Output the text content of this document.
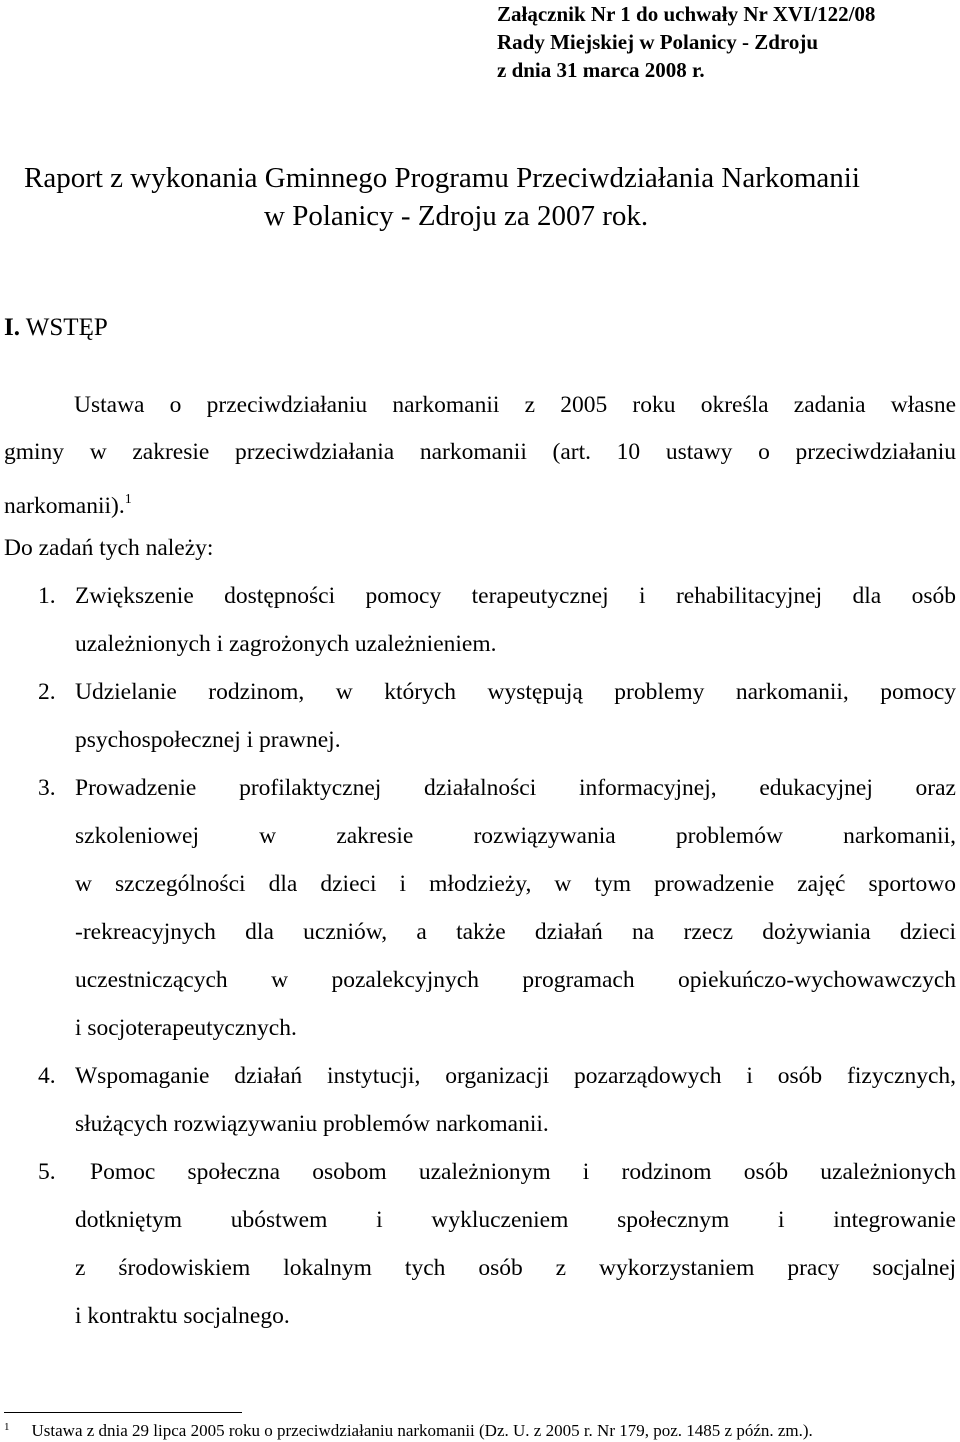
Załącznik Nr 1 do uchwały Nr XVI/122/08
Rady Miejskiej w Polanicy - Zdroju
z dnia 31 marca 2008 r.
Raport z wykonania Gminnego Programu Przeciwdziałania Narkomanii
w Polanicy - Zdroju za 2007 rok.
I. WSTĘP
Ustawa o przeciwdziałaniu narkomanii z 2005 roku określa zadania własne
gminy w zakresie przeciwdziałania narkomanii (art. 10 ustawy o przeciwdziałaniu
narkomanii).$^1$
Do zadań tych należy:
1. Zwiększenie dostępności pomocy terapeutycznej i rehabilitacyjnej dla osób
uzależnionych i zagrożonych uzależnieniem.
2. Udzielanie rodzinom, w których występują problemy narkomanii, pomocy
psychospołecznej i prawnej.
3. Prowadzenie profilaktycznej działalności informacyjnej, edukacyjnej oraz
szkoleniowej w zakresie rozwiązywania problemów narkomanii,
w szczególności dla dzieci i młodzieży, w tym prowadzenie zajęć sportowo
-rekreacyjnych dla uczniów, a także działań na rzecz dożywiania dzieci
uczestniczących w pozalekcyjnych programach opiekuńczo-wychowawczych
i socjoterapeutycznych.
4. Wspomaganie działań instytucji, organizacji pozarządowych i osób fizycznych,
służących rozwiązywaniu problemów narkomanii.
5. Pomoc społeczna osobom uzależnionym i rodzinom osób uzależnionych
dotkniętym ubóstwem i wykluczeniem społecznym i integrowanie
z środowiskiem lokalnym tych osób z wykorzystaniem pracy socjalnej
i kontraktu socjalnego.
$^1$ Ustawa z dnia 29 lipca 2005 roku o przeciwdziałaniu narkomanii (Dz. U. z 2005 r. Nr 179, poz. 1485 z późn. zm.).
